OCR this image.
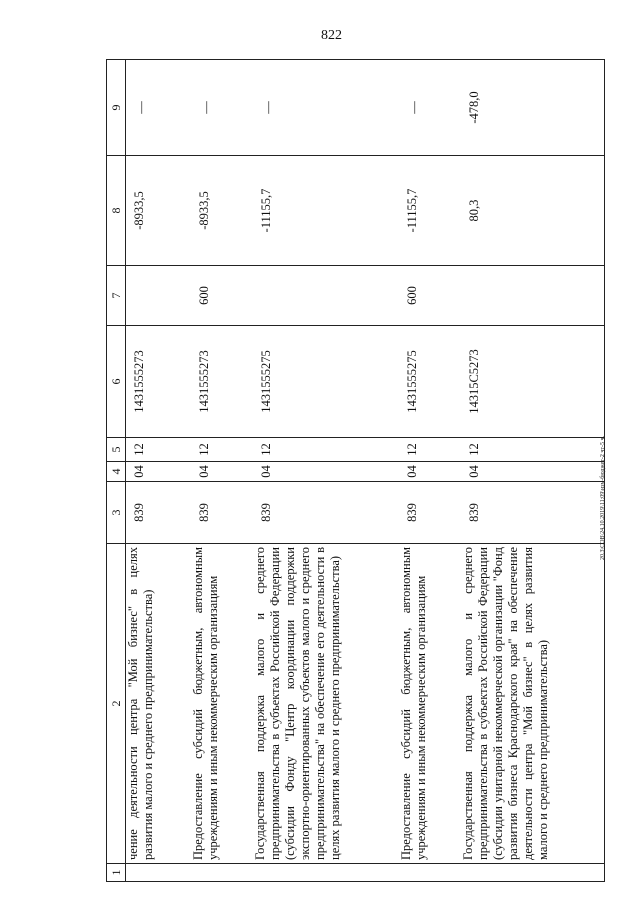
822
1	2	3	4	5	6	7	8	9

	чение деятельности центра "Мой бизнес" в целях развития малого и среднего предпринимательства)	839	04	12	1431555273		-8933,5	—

	Предоставление субсидий бюджетным, автономным учреждениям и иным некоммерческим организациям	839	04	12	1431555273	600	-8933,5	—

	Государственная поддержка малого и среднего предпринимательства в субъектах Российской Федерации (субсидии Фонду "Центр координации поддержки экспортно-ориентированных субъектов малого и среднего предпринимательства" на обеспечение его деятельности в целях развития малого и среднего предпринимательства)	839	04	12	1431555275		-11155,7	—

	Предоставление субсидий бюджетным, автономным учреждениям и иным некоммерческим организациям	839	04	12	1431555275	600	-11155,7	—

	Государственная поддержка малого и среднего предпринимательства в субъектах Российской Федерации (субсидии унитарной некоммерческой организации "Фонд развития бизнеса Краснодарского края" на обеспечение деятельности центра "Мой бизнес" в целях развития малого и среднего предпринимательства)	839	04	12	14315C5273		80,3	-478,0
20.3\COB\24.10.2019\11:09\изм-бюджет-2 чт-5 ч.
